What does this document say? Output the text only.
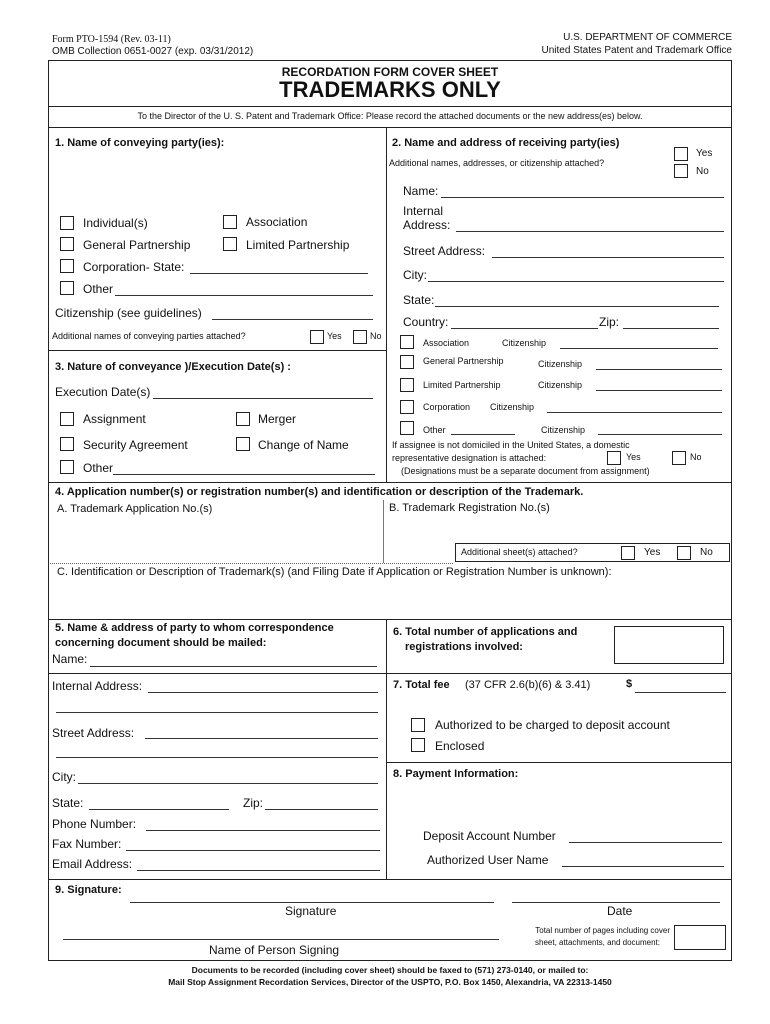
Form PTO-1594 (Rev. 03-11)
OMB Collection 0651-0027 (exp. 03/31/2012)
U.S. DEPARTMENT OF COMMERCE
United States Patent and Trademark Office
RECORDATION FORM COVER SHEET
TRADEMARKS ONLY
To the Director of the U. S. Patent and Trademark Office: Please record the attached documents or the new address(es) below.
1. Name of conveying party(ies):
Individual(s)	Association
General Partnership	Limited Partnership
Corporation- State:
Other
Citizenship (see guidelines)
Additional names of conveying parties attached?	Yes	No
3. Nature of conveyance )/Execution Date(s) :
Execution Date(s)
Assignment	Merger
Security Agreement	Change of Name
Other
2. Name and address of receiving party(ies)
Additional names, addresses, or citizenship attached?
Yes
No
Name:
Internal
Address:
Street Address:
City:
State:
Country:	Zip:
Association	Citizenship
General Partnership	Citizenship
Limited Partnership	Citizenship
Corporation Citizenship
Other	Citizenship
If assignee is not domiciled in the United States, a domestic
representative designation is attached:	Yes	No
(Designations must be a separate document from assignment)
4. Application number(s) or registration number(s) and identification or description of the Trademark.
A. Trademark Application No.(s)	B. Trademark Registration No.(s)
Additional sheet(s) attached?	Yes	No
C. Identification or Description of Trademark(s) (and Filing Date if Application or Registration Number is unknown):
5. Name & address of party to whom correspondence
concerning document should be mailed:
Name:
Internal Address:
Street Address:
City:
State:	Zip:
Phone Number:
Fax Number:
Email Address:
6. Total number of applications and
registrations involved:
7. Total fee (37 CFR 2.6(b)(6) & 3.41)	$
Authorized to be charged to deposit account
Enclosed
8. Payment Information:
Deposit Account Number
Authorized User Name
9. Signature:
Signature	Date
Name of Person Signing
Total number of pages including cover
sheet, attachments, and document:
Documents to be recorded (including cover sheet) should be faxed to (571) 273-0140, or mailed to:
Mail Stop Assignment Recordation Services, Director of the USPTO, P.O. Box 1450, Alexandria, VA 22313-1450
